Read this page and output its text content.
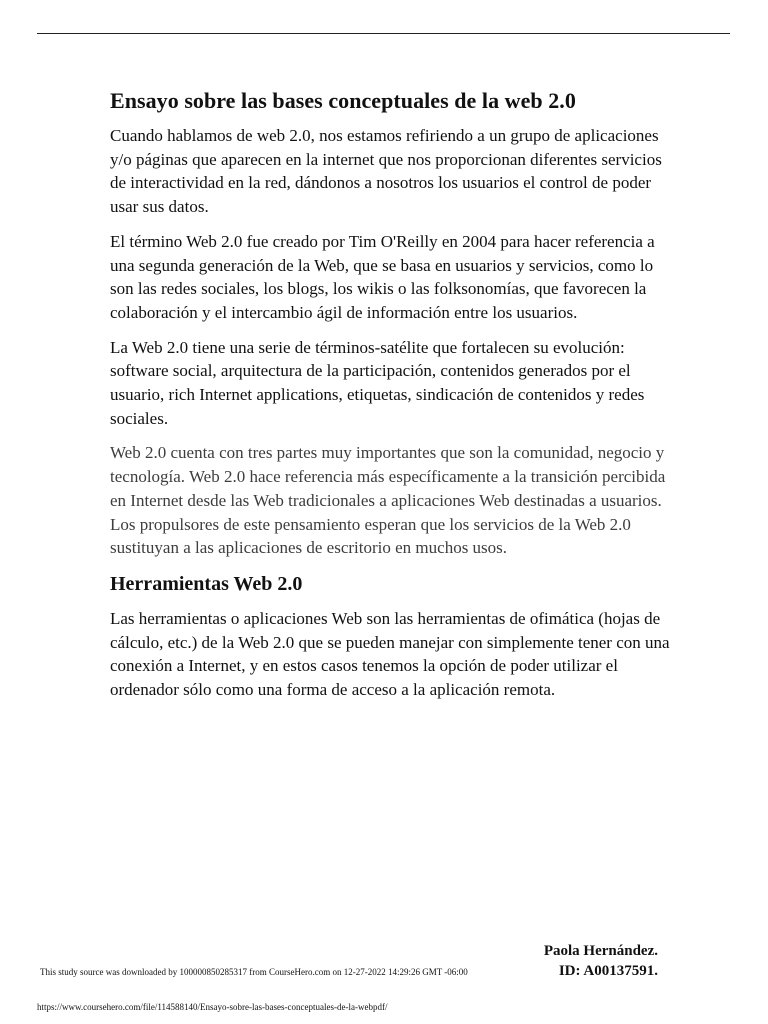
Ensayo sobre las bases conceptuales de la web 2.0

Cuando hablamos de web 2.0, nos estamos refiriendo a un grupo de aplicaciones y/o páginas que aparecen en la internet que nos proporcionan diferentes servicios de interactividad en la red, dándonos a nosotros los usuarios el control de poder usar sus datos.

El término Web 2.0 fue creado por Tim O'Reilly en 2004 para hacer referencia a una segunda generación de la Web, que se basa en usuarios y servicios, como lo son las redes sociales, los blogs, los wikis o las folksonomías, que favorecen la colaboración y el intercambio ágil de información entre los usuarios.

La Web 2.0 tiene una serie de términos-satélite que fortalecen su evolución: software social, arquitectura de la participación, contenidos generados por el usuario, rich Internet applications, etiquetas, sindicación de contenidos y redes sociales.

Web 2.0 cuenta con tres partes muy importantes que son la comunidad, negocio y tecnología. Web 2.0 hace referencia más específicamente a la transición percibida en Internet desde las Web tradicionales a aplicaciones Web destinadas a usuarios. Los propulsores de este pensamiento esperan que los servicios de la Web 2.0 sustituyan a las aplicaciones de escritorio en muchos usos.

Herramientas Web 2.0

Las herramientas o aplicaciones Web son las herramientas de ofimática (hojas de cálculo, etc.) de la Web 2.0 que se pueden manejar con simplemente tener con una conexión a Internet, y en estos casos tenemos la opción de poder utilizar el ordenador sólo como una forma de acceso a la aplicación remota.

Paola Hernández.
This study source was downloaded by 100000850285317 from CourseHero.com on 12-27-2022 14:29:26 GMT -06:00	ID: A00137591.
https://www.coursehero.com/file/114588140/Ensayo-sobre-las-bases-conceptuales-de-la-webpdf/
